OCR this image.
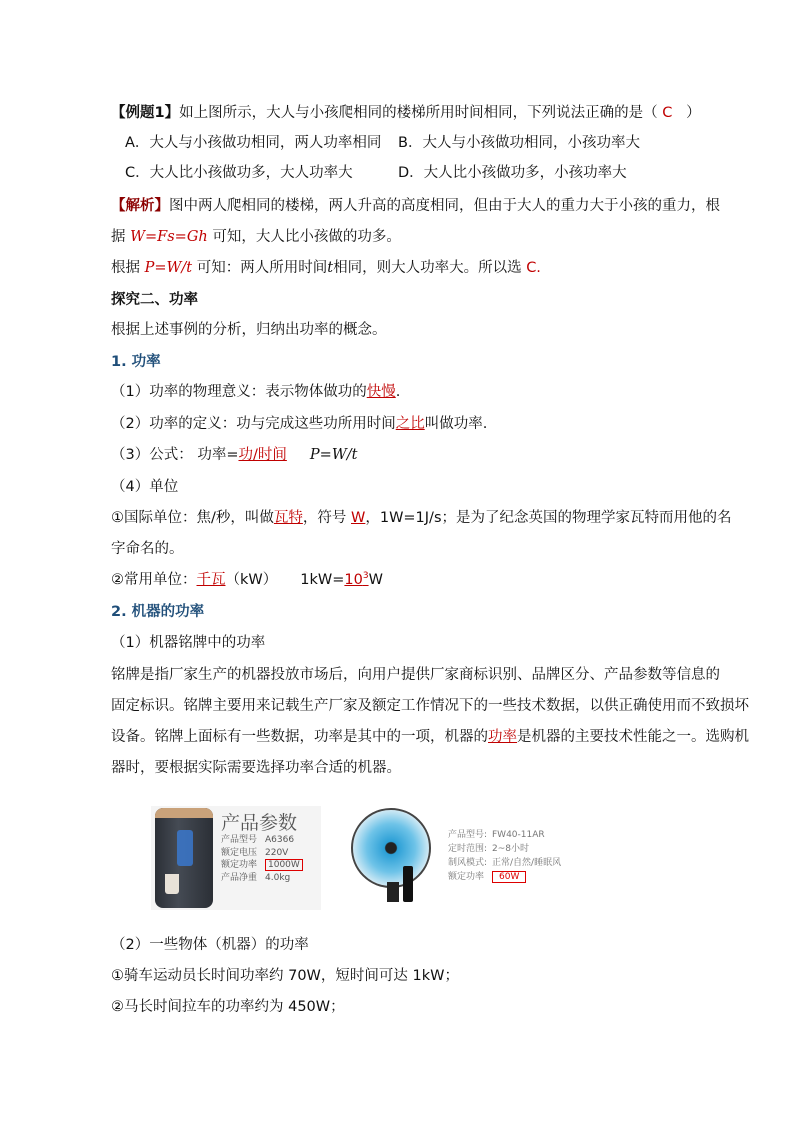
【例题1】如上图所示，大人与小孩爬相同的楼梯所用时间相同，下列说法正确的是（ C ）
A．大人与小孩做功相同，两人功率相同 B．大人与小孩做功相同，小孩功率大
C．大人比小孩做功多，大人功率大	D．大人比小孩做功多，小孩功率大
【解析】图中两人爬相同的楼梯，两人升高的高度相同，但由于大人的重力大于小孩的重力，根
据 W=Fs=Gh 可知，大人比小孩做的功多。
根据 P=W/t 可知：两人所用时间t相同，则大人功率大。所以选 C.
探究二、功率
根据上述事例的分析，归纳出功率的概念。
1. 功率
（1）功率的物理意义：表示物体做功的快慢.
（2）功率的定义：功与完成这些功所用时间之比叫做功率.
（3）公式： 功率=功/时间 P=W/t
（4）单位
①国际单位：焦/秒，叫做瓦特，符号 W，1W=1J/s；是为了纪念英国的物理学家瓦特而用他的名
字命名的。
②常用单位：千瓦（kW）     $1kW=10^3W$
2. 机器的功率
（1）机器铭牌中的功率
铭牌是指厂家生产的机器投放市场后，向用户提供厂家商标识别、品牌区分、产品参数等信息的
固定标识。铭牌主要用来记载生产厂家及额定工作情况下的一些技术数据，以供正确使用而不致损坏
设备。铭牌上面标有一些数据，功率是其中的一项，机器的功率是机器的主要技术性能之一。选购机
器时，要根据实际需要选择功率合适的机器。
产品参数
产品型号 A6366
额定电压 220V
额定功率 1000W
产品净重 4.0kg
产品型号: FW40-11AR
定时范围: 2~8小时
制风模式: 正常/自然/睡眠风
额定功率 60W
（2）一些物体（机器）的功率
①骑车运动员长时间功率约 70W，短时间可达 1kW；
②马长时间拉车的功率约为 450W；
